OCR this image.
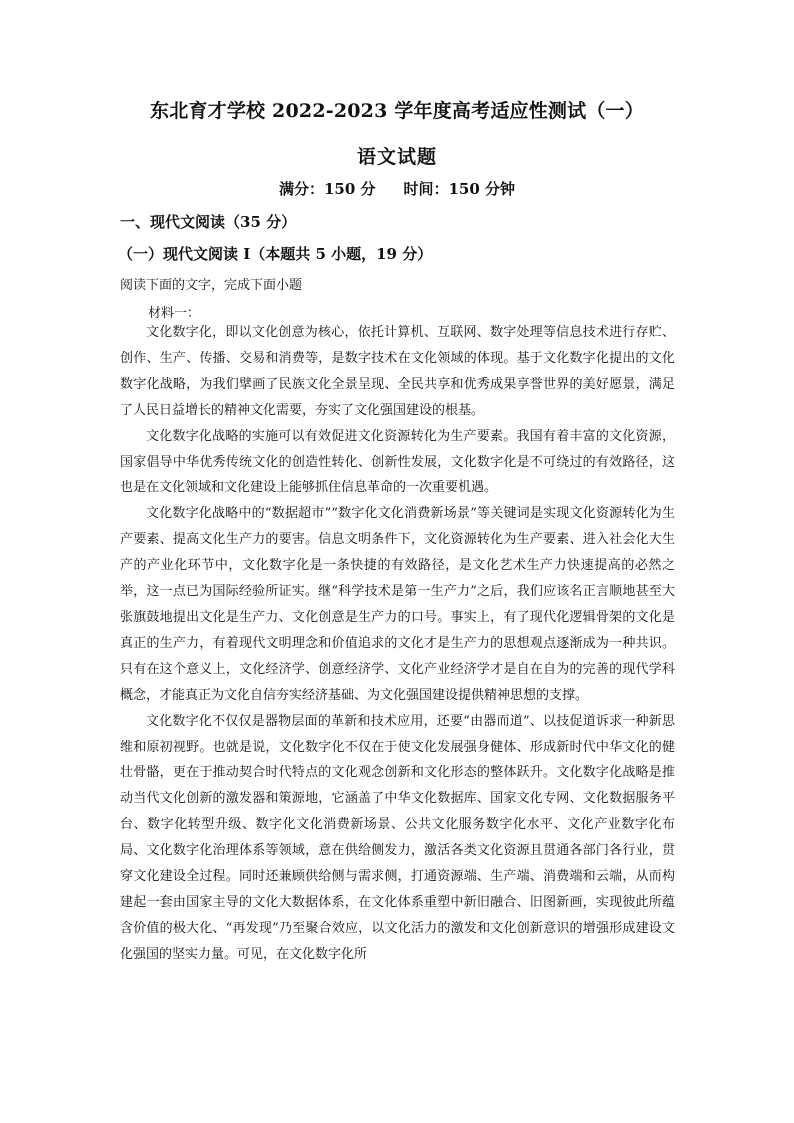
东北育才学校 2022-2023 学年度高考适应性测试（一）
语文试题
满分：150 分 时间：150 分钟
一、现代文阅读（35 分）
（一）现代文阅读 I（本题共 5 小题，19 分）
阅读下面的文字，完成下面小题
材料一：

文化数字化，即以文化创意为核心，依托计算机、互联网、数字处理等信息技术进行存贮、创作、生产、传播、交易和消费等，是数字技术在文化领域的体现。基于文化数字化提出的文化数字化战略，为我们擘画了民族文化全景呈现、全民共享和优秀成果享誉世界的美好愿景，满足了人民日益增长的精神文化需要，夯实了文化强国建设的根基。

文化数字化战略的实施可以有效促进文化资源转化为生产要素。我国有着丰富的文化资源，国家倡导中华优秀传统文化的创造性转化、创新性发展，文化数字化是不可绕过的有效路径，这也是在文化领域和文化建设上能够抓住信息革命的一次重要机遇。

文化数字化战略中的“数据超市”“数字化文化消费新场景”等关键词是实现文化资源转化为生产要素、提高文化生产力的要害。信息文明条件下，文化资源转化为生产要素、进入社会化大生产的产业化环节中，文化数字化是一条快捷的有效路径，是文化艺术生产力快速提高的必然之举，这一点已为国际经验所证实。继“科学技术是第一生产力”之后，我们应该名正言顺地甚至大张旗鼓地提出文化是生产力、文化创意是生产力的口号。事实上，有了现代化逻辑骨架的文化是真正的生产力，有着现代文明理念和价值追求的文化才是生产力的思想观点逐渐成为一种共识。只有在这个意义上，文化经济学、创意经济学、文化产业经济学才是自在自为的完善的现代学科概念，才能真正为文化自信夯实经济基础、为文化强国建设提供精神思想的支撑。

文化数字化不仅仅是器物层面的革新和技术应用，还要“由器而道”、以技促道诉求一种新思维和原初视野。也就是说，文化数字化不仅在于使文化发展强身健体、形成新时代中华文化的健壮骨骼，更在于推动契合时代特点的文化观念创新和文化形态的整体跃升。文化数字化战略是推动当代文化创新的激发器和策源地，它涵盖了中华文化数据库、国家文化专网、文化数据服务平台、数字化转型升级、数字化文化消费新场景、公共文化服务数字化水平、文化产业数字化布局、文化数字化治理体系等领域，意在供给侧发力，激活各类文化资源且贯通各部门各行业，贯穿文化建设全过程。同时还兼顾供给侧与需求侧，打通资源端、生产端、消费端和云端，从而构建起一套由国家主导的文化大数据体系，在文化体系重塑中新旧融合、旧图新画，实现彼此所蕴含价值的极大化、“再发现”乃至聚合效应，以文化活力的激发和文化创新意识的增强形成建设文化强国的坚实力量。可见，在文化数字化所
